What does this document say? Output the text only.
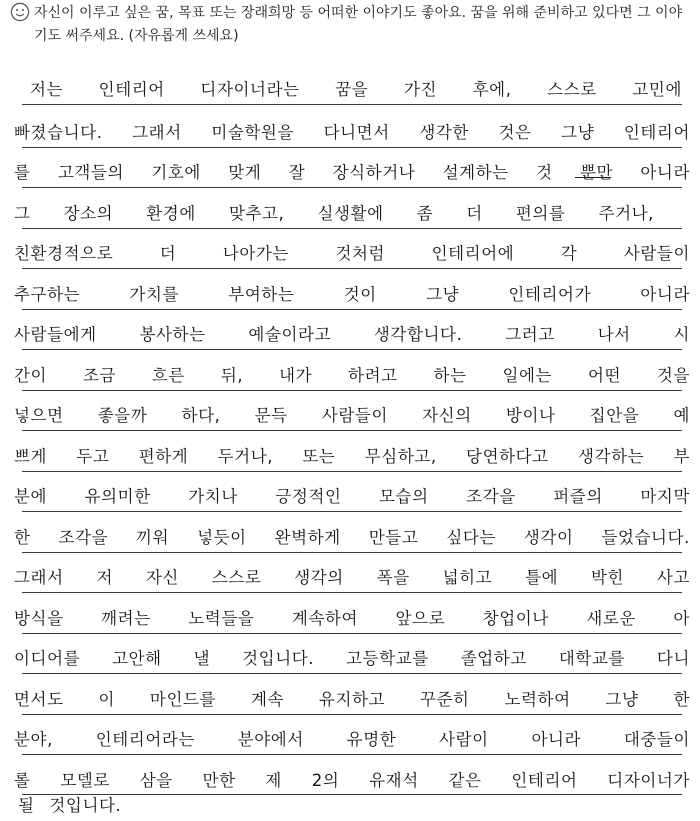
자신이 이루고 싶은 꿈, 목표 또는 장래희망 등 어떠한 이야기도 좋아요. 꿈을 위해 준비하고 있다면 그 이야기도 써주세요. (자유롭게 쓰세요)

저는 인테리어 디자이너라는 꿈을 가진 후에, 스스로 고민에
빠졌습니다. 그래서 미술학원을 다니면서 생각한 것은 그냥 인테리어
를 고객들의 기호에 맞게 잘 장식하거나 설계하는 것 뿐만 아니라
그 장소의 환경에 맞추고, 실생활에 좀 더 편의를 주거나,
친환경적으로 더 나아가는 것처럼 인테리어에 각 사람들이
추구하는 가치를 부여하는 것이 그냥 인테리어가 아니라
사람들에게 봉사하는 예술이라고 생각합니다. 그러고 나서 시
간이 조금 흐른 뒤, 내가 하려고 하는 일에는 어떤 것을
넣으면 좋을까 하다, 문득 사람들이 자신의 방이나 집안을 예
쁘게 두고 편하게 두거나, 또는 무심하고, 당연하다고 생각하는 부
분에 유의미한 가치나 긍정적인 모습의 조각을 퍼즐의 마지막
한 조각을 끼워 넣듯이 완벽하게 만들고 싶다는 생각이 들었습니다.
그래서 저 자신 스스로 생각의 폭을 넓히고 틀에 박힌 사고
방식을 깨려는 노력들을 계속하여 앞으로 창업이나 새로운 아
이디어를 고안해 낼 것입니다. 고등학교를 졸업하고 대학교를 다니
면서도 이 마인드를 계속 유지하고 꾸준히 노력하여 그냥 한
분야, 인테리어라는 분야에서 유명한 사람이 아니라 대중들이
롤 모델로 삼을 만한 제 2의 유재석 같은 인테리어 디자이너가
될 것입니다.
